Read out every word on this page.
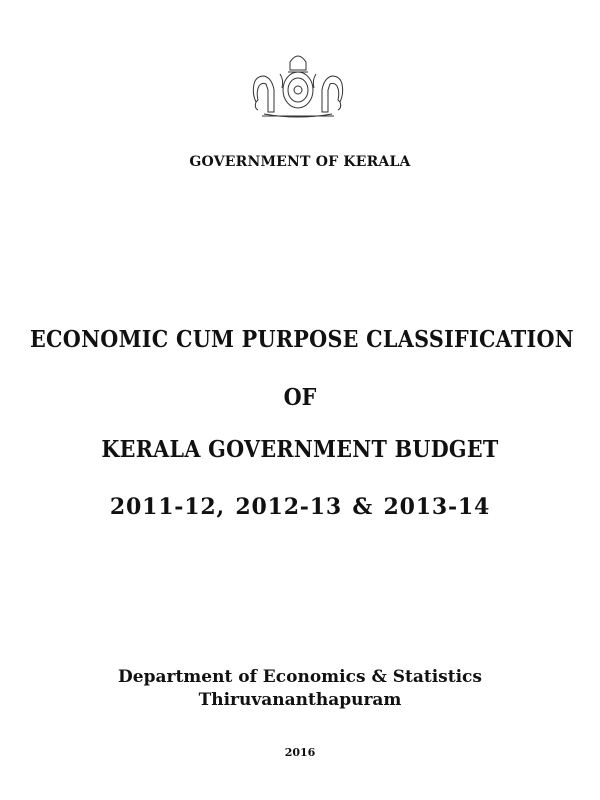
GOVERNMENT OF KERALA
ECONOMIC CUM PURPOSE CLASSIFICATION
OF
KERALA GOVERNMENT BUDGET
2011-12, 2012-13 & 2013-14
Department of Economics & Statistics
Thiruvananthapuram
2016
